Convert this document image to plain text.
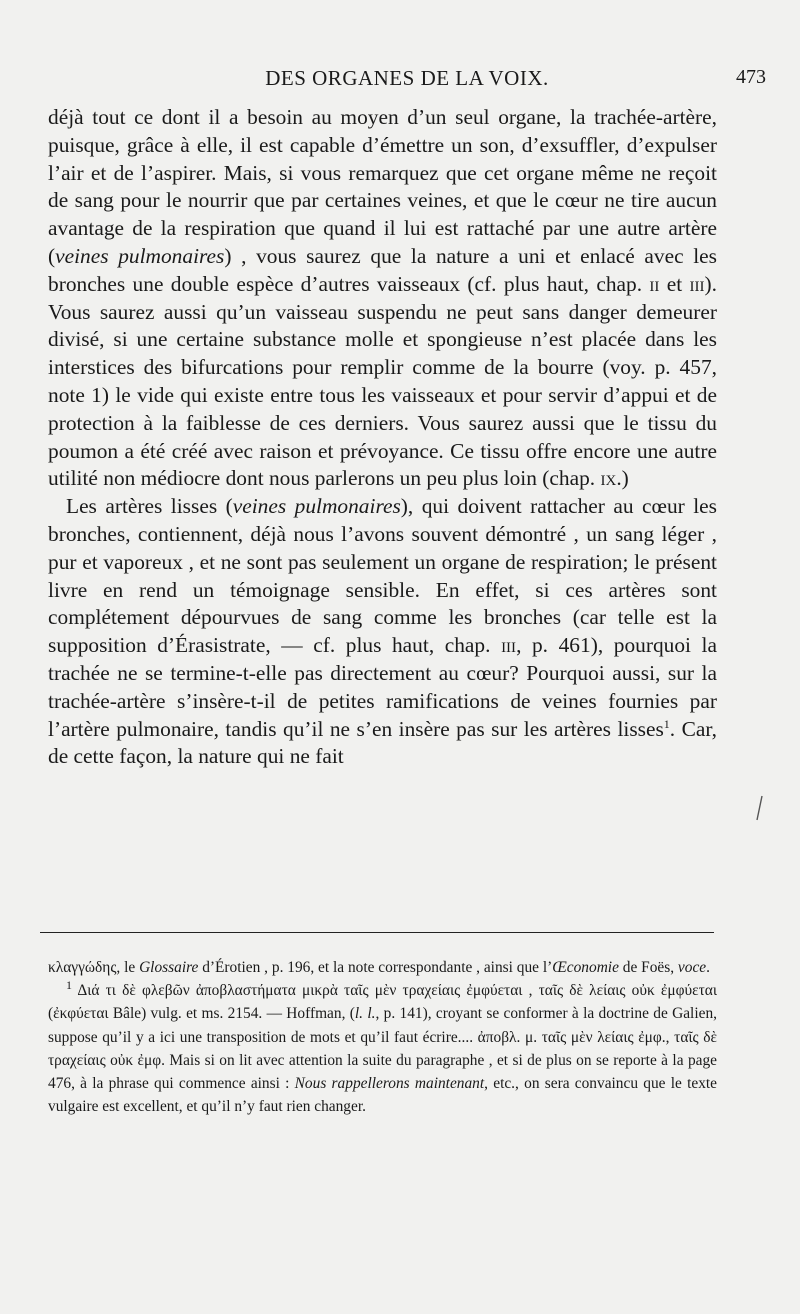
DES ORGANES DE LA VOIX.	473

déjà tout ce dont il a besoin au moyen d’un seul organe, la trachée-artère, puisque, grâce à elle, il est capable d’émettre un son, d’exsuffler, d’expulser l’air et de l’aspirer. Mais, si vous remarquez que cet organe même ne reçoit de sang pour le nourrir que par certaines veines, et que le cœur ne tire aucun avantage de la respiration que quand il lui est rattaché par une autre artère (veines pulmonaires) , vous saurez que la nature a uni et enlacé avec les bronches une double espèce d’autres vaisseaux (cf. plus haut, chap. ii et iii). Vous saurez aussi qu’un vaisseau suspendu ne peut sans danger demeurer divisé, si une certaine substance molle et spongieuse n’est placée dans les interstices des bifurcations pour remplir comme de la bourre (voy. p. 457, note 1) le vide qui existe entre tous les vaisseaux et pour servir d’appui et de protection à la faiblesse de ces derniers. Vous saurez aussi que le tissu du poumon a été créé avec raison et prévoyance. Ce tissu offre encore une autre utilité non médiocre dont nous parlerons un peu plus loin (chap. ix.)

Les artères lisses (veines pulmonaires), qui doivent rattacher au cœur les bronches, contiennent, déjà nous l’avons souvent démontré , un sang léger , pur et vaporeux , et ne sont pas seulement un organe de respiration; le présent livre en rend un témoignage sensible. En effet, si ces artères sont complétement dépourvues de sang comme les bronches (car telle est la supposition d’Érasistrate, — cf. plus haut, chap. iii, p. 461), pourquoi la trachée ne se termine-t-elle pas directement au cœur? Pourquoi aussi, sur la trachée-artère s’insère-t-il de petites ramifications de veines fournies par l’artère pulmonaire, tandis qu’il ne s’en insère pas sur les artères lisses$^1$. Car, de cette façon, la nature qui ne fait

κλαγγώδης, le Glossaire d’Érotien , p. 196, et la note correspondante , ainsi que l’Œconomie de Foës, voce.

$^1$ Διά τι δὲ φλεβῶν ἀποβλαστήματα μικρὰ ταῖς μὲν τραχείαις ἐμφύεται , ταῖς δὲ λείαις οὐκ ἐμφύεται (ἐκφύεται Bâle) vulg. et ms. 2154. — Hoffman, (l. l., p. 141), croyant se conformer à la doctrine de Galien, suppose qu’il y a ici une transposition de mots et qu’il faut écrire.... ἀποβλ. μ. ταῖς μὲν λείαις ἐμφ., ταῖς δὲ τραχείαις οὐκ ἐμφ. Mais si on lit avec attention la suite du paragraphe , et si de plus on se reporte à la page 476, à la phrase qui commence ainsi : Nous rappellerons maintenant, etc., on sera convaincu que le texte vulgaire est excellent, et qu’il n’y faut rien changer.
